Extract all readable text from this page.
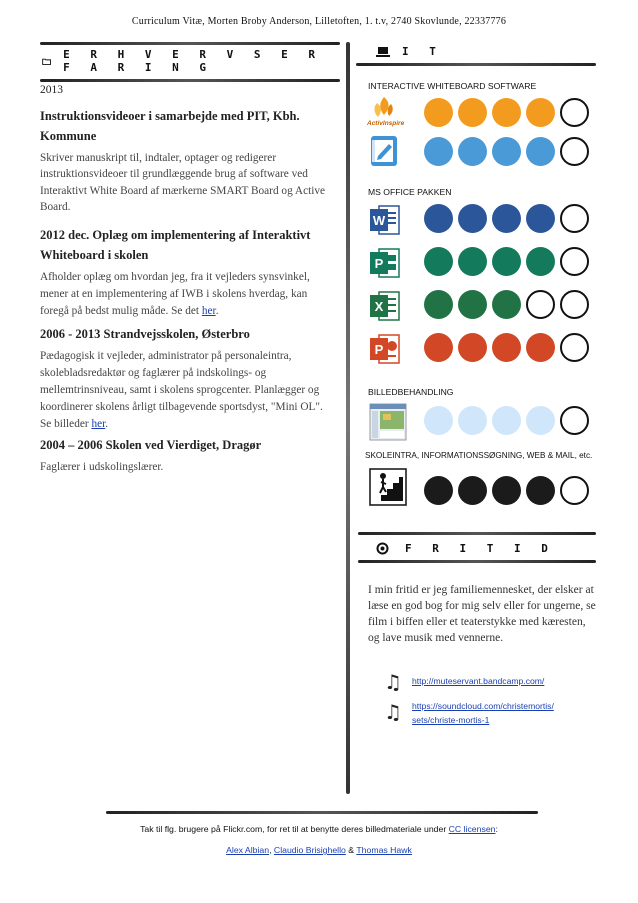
Curriculum Vitæ, Morten Broby Anderson, Lilletoften, 1. t.v, 2740 Skovlunde, 22337776
E R H V E R V S E R F A R I N G
I T
2013
Instruktionsvideoer i samarbejde med PIT, Kbh. Kommune
Skriver manuskript til, indtaler, optager og redigerer instruktionsvideoer til grundlæggende brug af software ved Interaktivt White Board af mærkerne SMART Board og Active Board.
2012 dec. Oplæg om implementering af Interaktivt Whiteboard i skolen
Afholder oplæg om hvordan jeg, fra it vejleders synsvinkel, mener at en implementering af IWB i skolens hverdag, kan foregå på bedst mulig måde. Se det her.
2006 - 2013 Strandvejsskolen, Østerbro
Pædagogisk it vejleder, administrator på personaleintra, skolebladsredaktør og faglærer på indskolings- og mellemtrinsniveau, samt i skolens sprogcenter. Planlægger og koordinerer skolens årligt tilbagevende sportsdyst, "Mini OL". Se billeder her.
2004 – 2006 Skolen ved Vierdiget, Dragør
Faglærer i udskolingslærer.
INTERACTIVE WHITEBOARD SOFTWARE
MS OFFICE PAKKEN
BILLEDBEHANDLING
SKOLEINTRA, INFORMATIONSSØGNING, WEB & MAIL, etc.
ActivInspire
W
P
X
P
F R I T I D
I min fritid er jeg familiemennesket, der elsker at læse en god bog for mig selv eller for ungerne, se film i biffen eller et teaterstykke med kæresten, og lave musik med vennerne.
♫ http://muteservant.bandcamp.com/
♫ https://soundcloud.com/christemortis/
sets/christe-mortis-1
Tak til flg. brugere på Flickr.com, for ret til at benytte deres billedmateriale under CC licensen:
Alex Albian, Claudio Brisighello & Thomas Hawk
